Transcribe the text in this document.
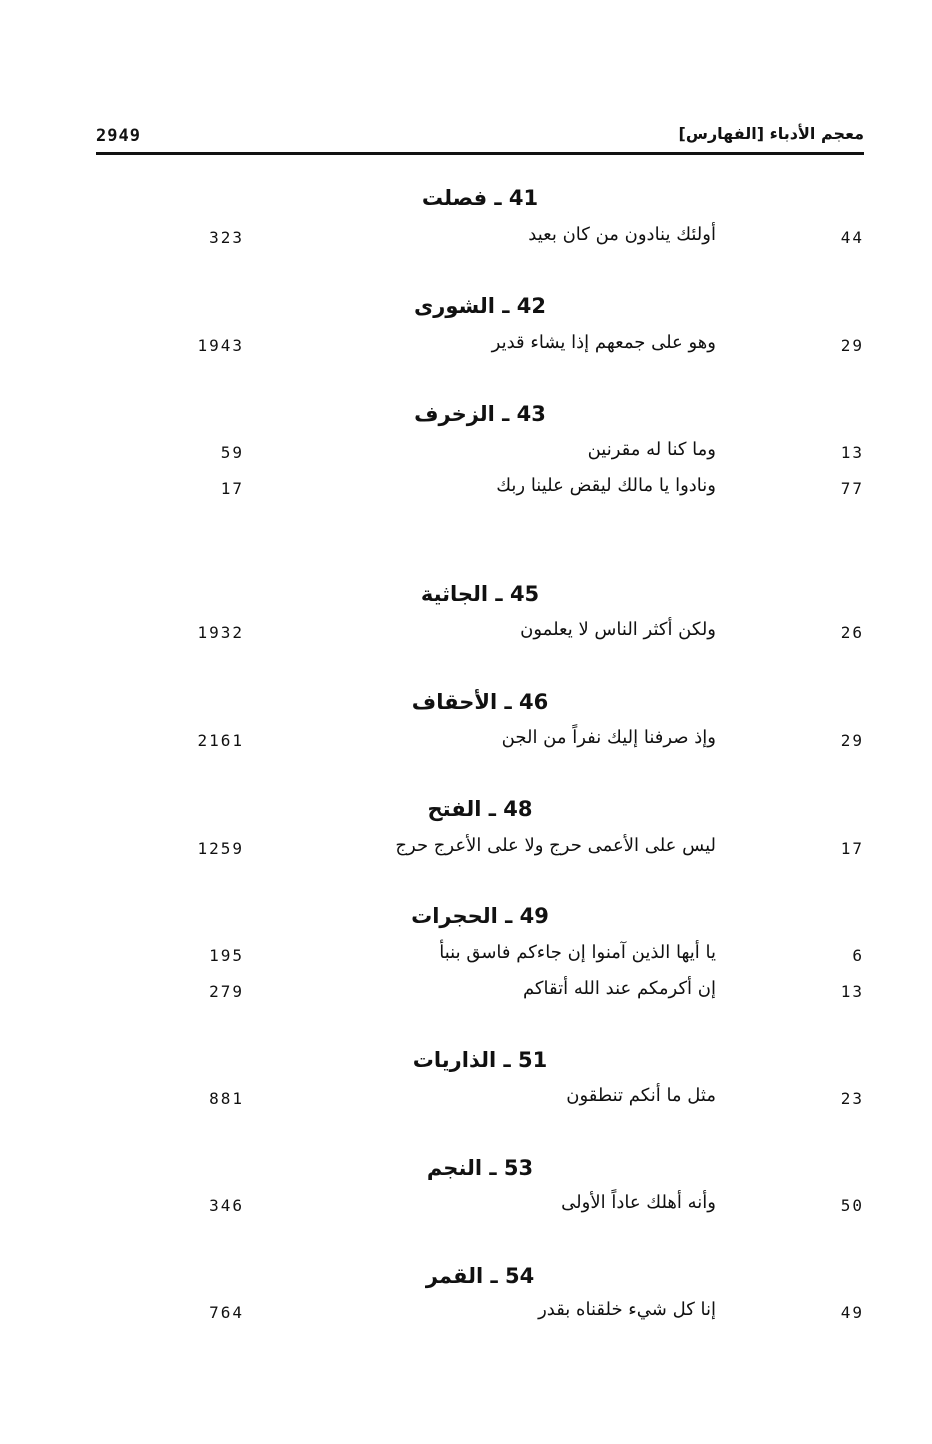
2949	معجم الأدباء [الفهارس]
41 ـ فصلت
44
أولئك ينادون من كان بعيد
323
42 ـ الشورى
29
وهو على جمعهم إذا يشاء قدير
1943
43 ـ الزخرف
13
وما كنا له مقرنين
59
77
ونادوا يا مالك ليقض علينا ربك
17
45 ـ الجاثية
26
ولكن أكثر الناس لا يعلمون
1932
46 ـ الأحقاف
29
وإذ صرفنا إليك نفراً من الجن
2161
48 ـ الفتح
17
ليس على الأعمى حرج ولا على الأعرج حرج
1259
49 ـ الحجرات
6
يا أيها الذين آمنوا إن جاءكم فاسق بنبأ
195
13
إن أكرمكم عند الله أتقاكم
279
51 ـ الذاريات
23
مثل ما أنكم تنطقون
881
53 ـ النجم
50
وأنه أهلك عاداً الأولى
346
54 ـ القمر
49
إنا كل شيء خلقناه بقدر
764
